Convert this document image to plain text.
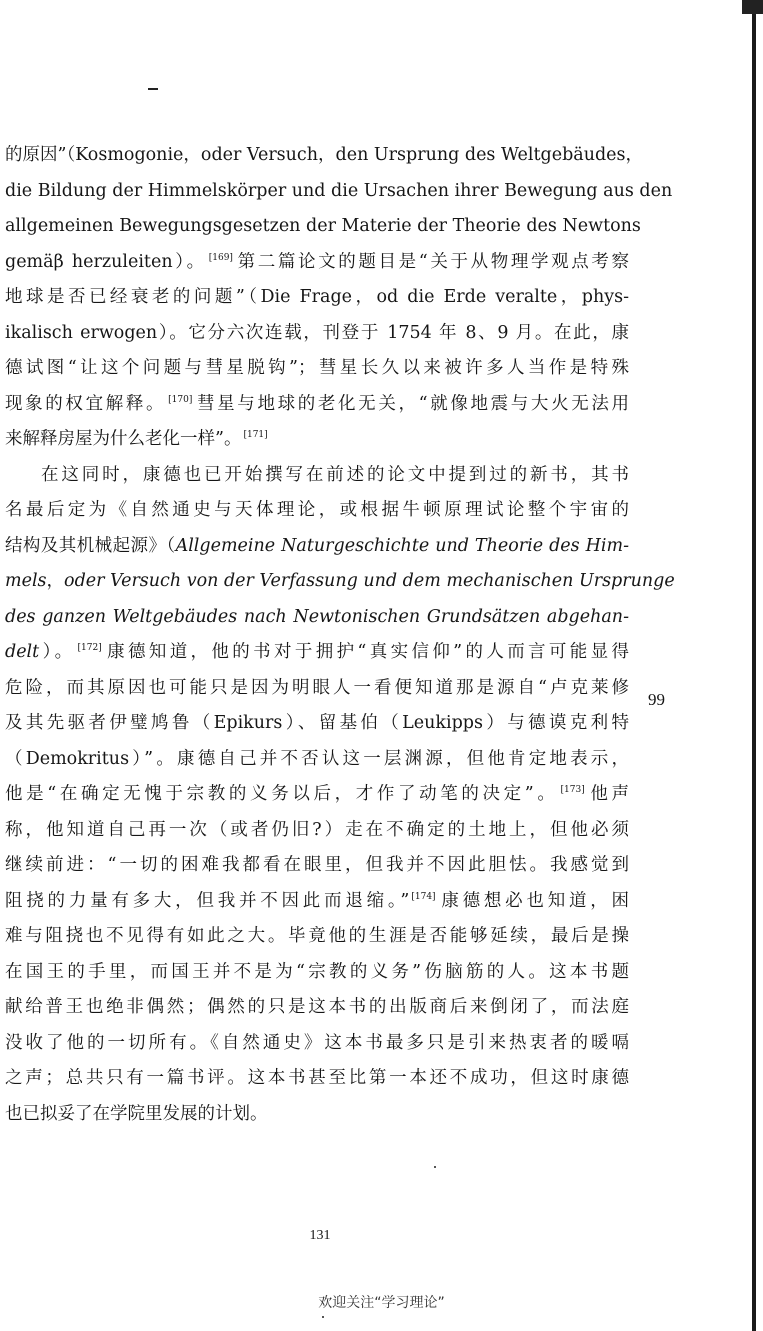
的原因”（Kosmogonie，oder Versuch，den Ursprung des Weltgebäudes，
die Bildung der Himmelskörper und die Ursachen ihrer Bewegung aus den
allgemeinen Bewegungsgesetzen der Materie der Theorie des Newtons
gemäβ herzuleiten）。 [169] 第二篇论文的题目是“关于从物理学观点考察
地球是否已经衰老的问题”（Die Frage，od die Erde veralte，phys-
ikalisch erwogen）。它分六次连载，刊登于 1754 年 8、9 月。在此，康
德试图“让这个问题与彗星脱钩”；彗星长久以来被许多人当作是特殊
现象的权宜解释。 [170] 彗星与地球的老化无关，“就像地震与大火无法用
来解释房屋为什么老化一样”。 [171]
在这同时，康德也已开始撰写在前述的论文中提到过的新书，其书
名最后定为《自然通史与天体理论，或根据牛顿原理试论整个宇宙的
结构及其机械起源》（Allgemeine Naturgeschichte und Theorie des Him-
mels，oder Versuch von der Verfassung und dem mechanischen Ursprunge
des ganzen Weltgebäudes nach Newtonischen Grundsätzen abgehan-
delt）。 [172] 康德知道，他的书对于拥护“真实信仰”的人而言可能显得
危险，而其原因也可能只是因为明眼人一看便知道那是源自“卢克莱修
及其先驱者伊璧鸠鲁（Epikurs）、留基伯（Leukipps）与德谟克利特
（Demokritus）”。康德自己并不否认这一层渊源，但他肯定地表示，
他是“在确定无愧于宗教的义务以后，才作了动笔的决定”。 [173] 他声
称，他知道自己再一次（或者仍旧?）走在不确定的土地上，但他必须
继续前进：“一切的困难我都看在眼里，但我并不因此胆怯。我感觉到
阻挠的力量有多大，但我并不因此而退缩。” [174] 康德想必也知道，困
难与阻挠也不见得有如此之大。毕竟他的生涯是否能够延续，最后是操
在国王的手里，而国王并不是为“宗教的义务”伤脑筋的人。这本书题
献给普王也绝非偶然；偶然的只是这本书的出版商后来倒闭了，而法庭
没收了他的一切所有。《自然通史》这本书最多只是引来热衷者的暖嗝
之声；总共只有一篇书评。这本书甚至比第一本还不成功，但这时康德
也已拟妥了在学院里发展的计划。
99
131
欢迎关注“学习理论”
